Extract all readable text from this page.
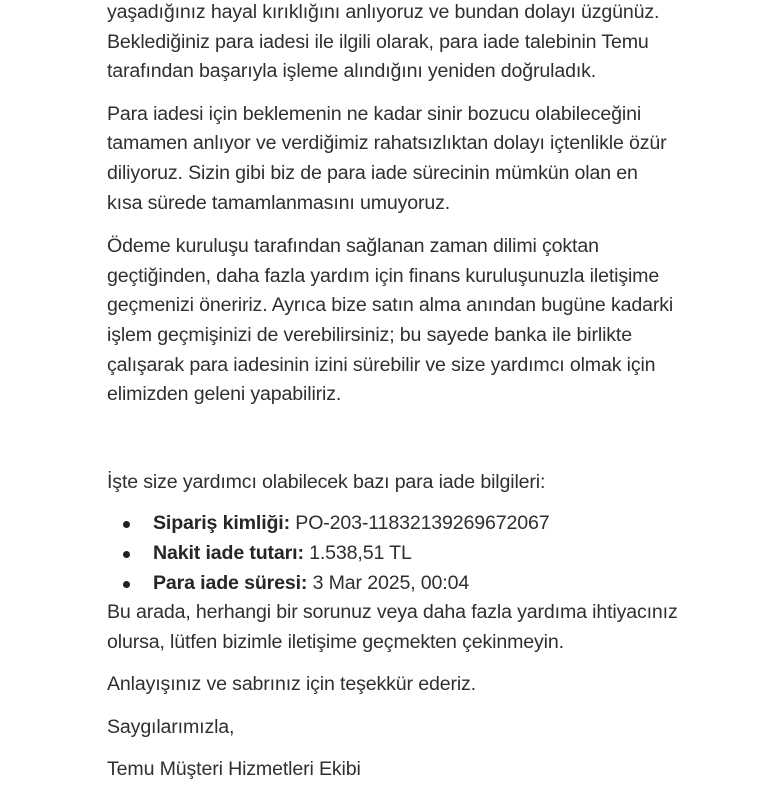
yaşadığınız hayal kırıklığını anlıyoruz ve bundan dolayı üzgünüz.
Beklediğiniz para iadesi ile ilgili olarak, para iade talebinin Temu
tarafından başarıyla işleme alındığını yeniden doğruladık.

Para iadesi için beklemenin ne kadar sinir bozucu olabileceğini
tamamen anlıyor ve verdiğimiz rahatsızlıktan dolayı içtenlikle özür
diliyoruz. Sizin gibi biz de para iade sürecinin mümkün olan en
kısa sürede tamamlanmasını umuyoruz.

Ödeme kuruluşu tarafından sağlanan zaman dilimi çoktan
geçtiğinden, daha fazla yardım için finans kuruluşunuzla iletişime
geçmenizi öneririz. Ayrıca bize satın alma anından bugüne kadarki
işlem geçmişinizi de verebilirsiniz; bu sayede banka ile birlikte
çalışarak para iadesinin izini sürebilir ve size yardımcı olmak için
elimizden geleni yapabiliriz.

İşte size yardımcı olabilecek bazı para iade bilgileri:

Sipariş kimliği: PO-203-11832139269672067
Nakit iade tutarı: 1.538,51 TL
Para iade süresi: 3 Mar 2025, 00:04

Bu arada, herhangi bir sorunuz veya daha fazla yardıma ihtiyacınız
olursa, lütfen bizimle iletişime geçmekten çekinmeyin.

Anlayışınız ve sabrınız için teşekkür ederiz.

Saygılarımızla,

Temu Müşteri Hizmetleri Ekibi
